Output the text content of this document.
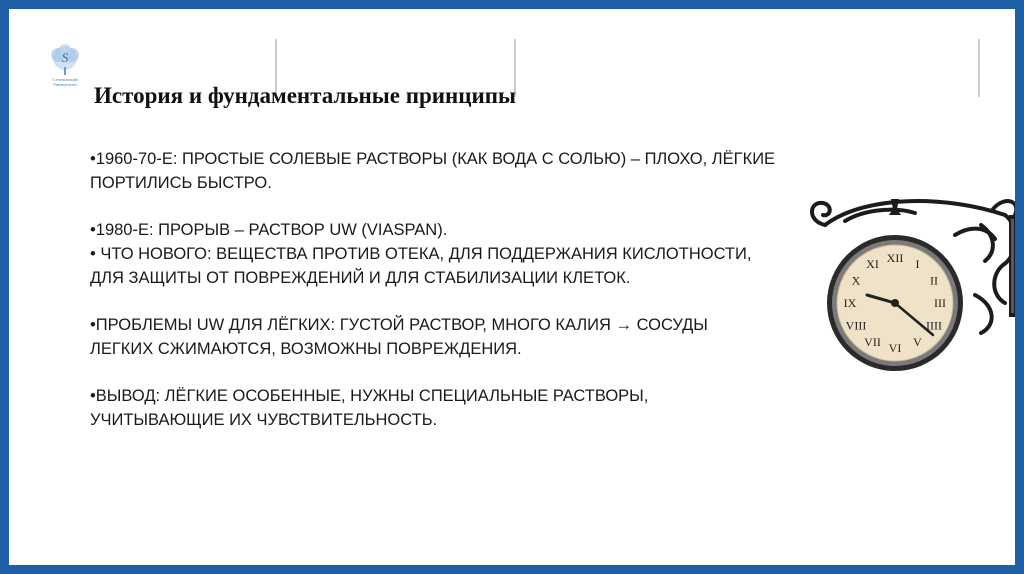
S
Сеченовский
Университет История и фундаментальные принципы

•1960-70-Е: ПРОСТЫЕ СОЛЕВЫЕ РАСТВОРЫ (КАК ВОДА С СОЛЬЮ) – ПЛОХО, ЛЁГКИЕ

ПОРТИЛИСЬ БЫСТРО.

•1980-Е: ПРОРЫВ – РАСТВОР UW (VIASPAN).

• ЧТО НОВОГО: ВЕЩЕСТВА ПРОТИВ ОТЕКА, ДЛЯ ПОДДЕРЖАНИЯ КИСЛОТНОСТИ,

ДЛЯ ЗАЩИТЫ ОТ ПОВРЕЖДЕНИЙ И ДЛЯ СТАБИЛИЗАЦИИ КЛЕТОК.

•ПРОБЛЕМЫ UW ДЛЯ ЛЁГКИХ: ГУСТОЙ РАСТВОР, МНОГО КАЛИЯ → СОСУДЫ

ЛЕГКИХ СЖИМАЮТСЯ, ВОЗМОЖНЫ ПОВРЕЖДЕНИЯ.

•ВЫВОД: ЛЁГКИЕ ОСОБЕННЫЕ, НУЖНЫ СПЕЦИАЛЬНЫЕ РАСТВОРЫ,

УЧИТЫВАЮЩИЕ ИХ ЧУВСТВИТЕЛЬНОСТЬ.

XII I
II
III
IIII
V
VI
VII
VIII
IX
X
XI
